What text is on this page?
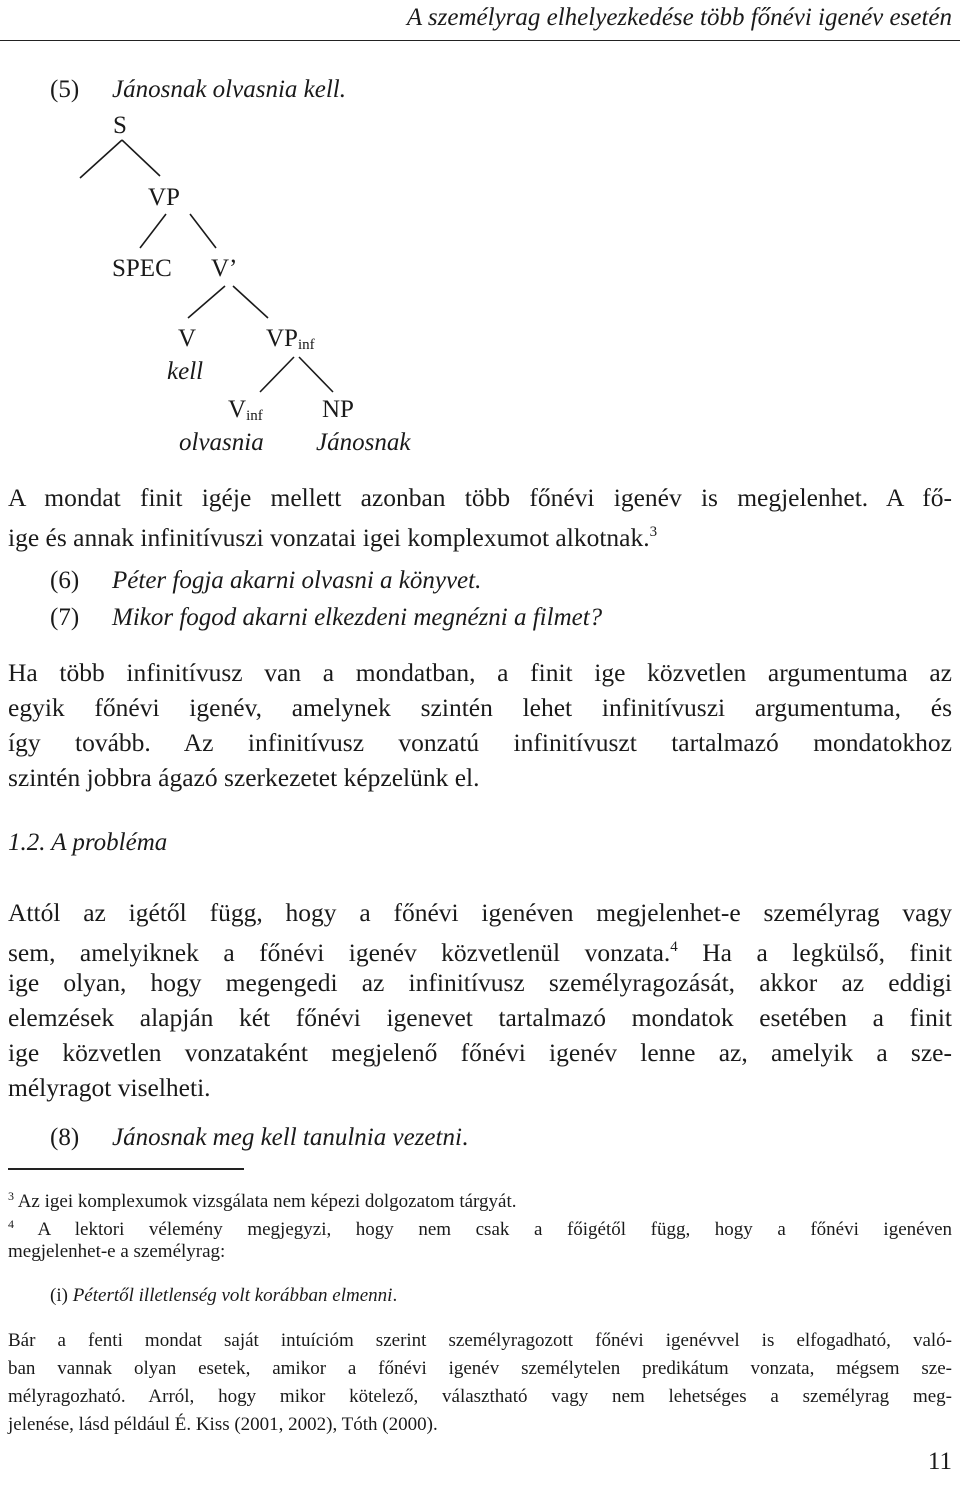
A személyrag elhelyezkedése több főnévi igenév esetén
(5) Jánosnak olvasnia kell.
S
VP
SPEC V’
V
kell
$VP_{inf}$
$V_{inf}$
olvasnia
NP
Jánosnak
A mondat finit igéje mellett azonban több főnévi igenév is megjelenhet. A fő-
ige és annak infinitívuszi vonzatai igei komplexumot alkotnak.$^3$
(6) Péter fogja akarni olvasni a könyvet.
(7) Mikor fogod akarni elkezdeni megnézni a filmet?
Ha több infinitívusz van a mondatban, a finit ige közvetlen argumentuma az
egyik főnévi igenév, amelynek szintén lehet infinitívuszi argumentuma, és
így tovább. Az infinitívusz vonzatú infinitívuszt tartalmazó mondatokhoz
szintén jobbra ágazó szerkezetet képzelünk el.
1.2. A probléma
Attól az igétől függ, hogy a főnévi igenéven megjelenhet-e személyrag vagy
sem, amelyiknek a főnévi igenév közvetlenül vonzata.$^4$ Ha a legkülső, finit
ige olyan, hogy megengedi az infinitívusz személyragozását, akkor az eddigi
elemzések alapján két főnévi igenevet tartalmazó mondatok esetében a finit
ige közvetlen vonzataként megjelenő főnévi igenév lenne az, amelyik a sze-
mélyragot viselheti.
(8) Jánosnak meg kell tanulnia vezetni.
$^3$ Az igei komplexumok vizsgálata nem képezi dolgozatom tárgyát.
$^4$ A lektori vélemény megjegyzi, hogy nem csak a főigétől függ, hogy a főnévi igenéven
megjelenhet-e a személyrag:
(i) Pétertől illetlenség volt korábban elmenni.
Bár a fenti mondat saját intuícióm szerint személyragozott főnévi igenévvel is elfogadható, való-
ban vannak olyan esetek, amikor a főnévi igenév személytelen predikátum vonzata, mégsem sze-
mélyragozható. Arról, hogy mikor kötelező, választható vagy nem lehetséges a személyrag meg-
jelenése, lásd például É. Kiss (2001, 2002), Tóth (2000).
11
